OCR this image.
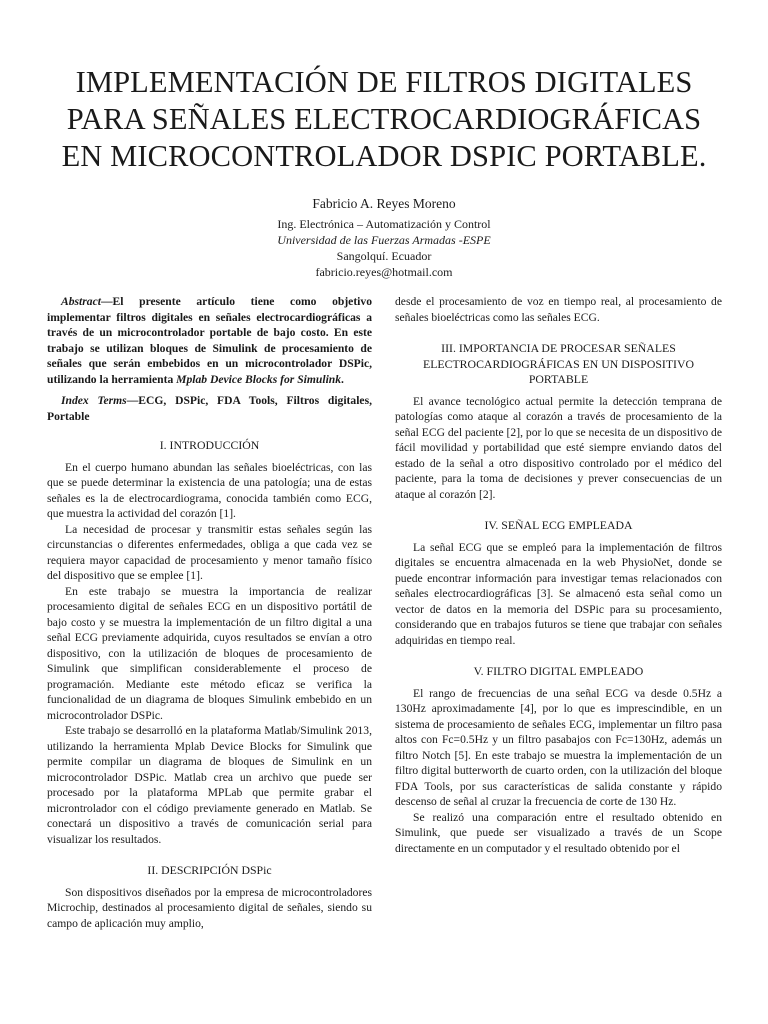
IMPLEMENTACIÓN DE FILTROS DIGITALES
PARA SEÑALES ELECTROCARDIOGRÁFICAS
EN MICROCONTROLADOR DSPIC PORTABLE.
Fabricio A. Reyes Moreno
Ing. Electrónica – Automatización y Control
Universidad de las Fuerzas Armadas -ESPE
Sangolquí. Ecuador
fabricio.reyes@hotmail.com

Abstract—El presente artículo tiene como objetivo implementar filtros digitales en señales electrocardiográficas a través de un microcontrolador portable de bajo costo. En este trabajo se utilizan bloques de Simulink de procesamiento de señales que serán embebidos en un microcontrolador DSPic, utilizando la herramienta Mplab Device Blocks for Simulink.

Index Terms—ECG, DSPic, FDA Tools, Filtros digitales, Portable

I. INTRODUCCIÓN

En el cuerpo humano abundan las señales bioeléctricas, con las que se puede determinar la existencia de una patología; una de estas señales es la de electrocardiograma, conocida también como ECG, que muestra la actividad del corazón [1].

La necesidad de procesar y transmitir estas señales según las circunstancias o diferentes enfermedades, obliga a que cada vez se requiera mayor capacidad de procesamiento y menor tamaño físico del dispositivo que se emplee [1].

En este trabajo se muestra la importancia de realizar procesamiento digital de señales ECG en un dispositivo portátil de bajo costo y se muestra la implementación de un filtro digital a una señal ECG previamente adquirida, cuyos resultados se envían a otro dispositivo, con la utilización de bloques de procesamiento de Simulink que simplifican considerablemente el proceso de programación. Mediante este método eficaz se verifica la funcionalidad de un diagrama de bloques Simulink embebido en un microcontrolador DSPic.

Este trabajo se desarrolló en la plataforma Matlab/Simulink 2013, utilizando la herramienta Mplab Device Blocks for Simulink que permite compilar un diagrama de bloques de Simulink en un microcontrolador DSPic. Matlab crea un archivo que puede ser procesado por la plataforma MPLab que permite grabar el microntrolador con el código previamente generado en Matlab. Se conectará un dispositivo a través de comunicación serial para visualizar los resultados.

II. DESCRIPCIÓN DSPic

Son dispositivos diseñados por la empresa de microcontroladores Microchip, destinados al procesamiento digital de señales, siendo su campo de aplicación muy amplio,

desde el procesamiento de voz en tiempo real, al procesamiento de señales bioeléctricas como las señales ECG.

III. IMPORTANCIA DE PROCESAR SEÑALES ELECTROCARDIOGRÁFICAS EN UN DISPOSITIVO PORTABLE

El avance tecnológico actual permite la detección temprana de patologías como ataque al corazón a través de procesamiento de la señal ECG del paciente [2], por lo que se necesita de un dispositivo de fácil movilidad y portabilidad que esté siempre enviando datos del estado de la señal a otro dispositivo controlado por el médico del paciente, para la toma de decisiones y prever consecuencias de un ataque al corazón [2].

IV. SEÑAL ECG EMPLEADA

La señal ECG que se empleó para la implementación de filtros digitales se encuentra almacenada en la web PhysioNet, donde se puede encontrar información para investigar temas relacionados con señales electrocardiográficas [3]. Se almacenó esta señal como un vector de datos en la memoria del DSPic para su procesamiento, considerando que en trabajos futuros se tiene que trabajar con señales adquiridas en tiempo real.

V. FILTRO DIGITAL EMPLEADO

El rango de frecuencias de una señal ECG va desde 0.5Hz a 130Hz aproximadamente [4], por lo que es imprescindible, en un sistema de procesamiento de señales ECG, implementar un filtro pasa altos con Fc=0.5Hz y un filtro pasabajos con Fc=130Hz, además un filtro Notch [5]. En este trabajo se muestra la implementación de un filtro digital butterworth de cuarto orden, con la utilización del bloque FDA Tools, por sus características de salida constante y rápido descenso de señal al cruzar la frecuencia de corte de 130 Hz.

Se realizó una comparación entre el resultado obtenido en Simulink, que puede ser visualizado a través de un Scope directamente en un computador y el resultado obtenido por el
